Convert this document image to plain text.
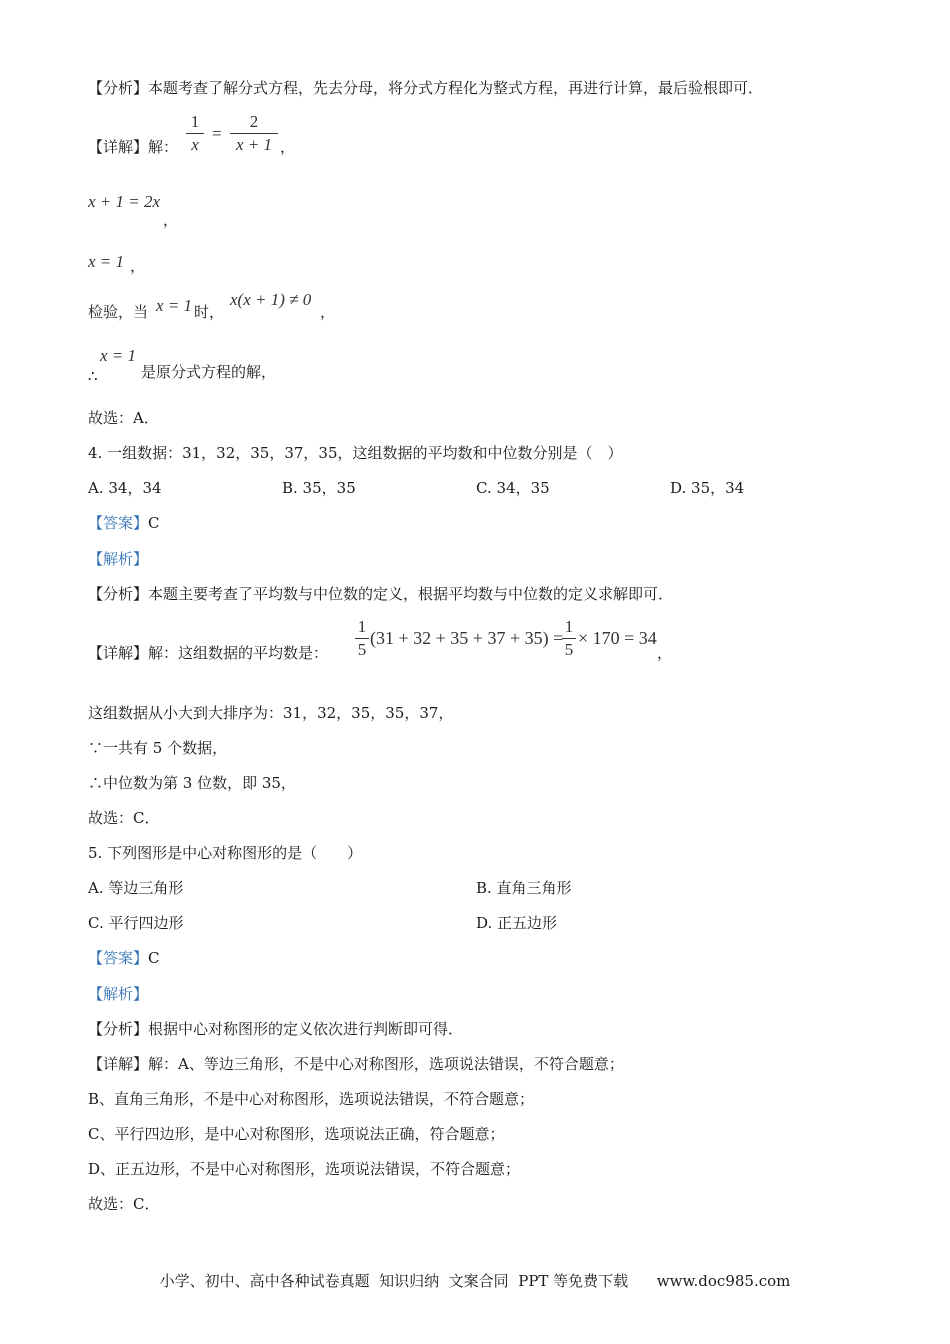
【分析】本题考查了解分式方程，先去分母，将分式方程化为整式方程，再进行计算，最后验根即可．
【详解】解：
1
x
=
2
x + 1 ，
x + 1 = 2x
，
x = 1 ，
检验，当 x = 1 时，
x(x + 1) ≠ 0
，
∴
x = 1
是原分式方程的解，
故选：A．
4. 一组数据：31，32，35，37，35，这组数据的平均数和中位数分别是（　）
A. 34，34	B. 35，35	C. 34，35	D. 35，34
【答案】C
【解析】
【分析】本题主要考查了平均数与中位数的定义，根据平均数与中位数的定义求解即可．
【详解】解：这组数据的平均数是：
1
5
(31 + 32 + 35 + 37 + 35) =
1
5
× 170 = 34
，
这组数据从小大到大排序为：31，32，35，35，37，
∵一共有 5 个数据，
∴中位数为第 3 位数，即 35，
故选：C．
5. 下列图形是中心对称图形的是（　　）
A. 等边三角形	B. 直角三角形
C. 平行四边形	D. 正五边形
【答案】C
【解析】
【分析】根据中心对称图形的定义依次进行判断即可得．
【详解】解：A、等边三角形，不是中心对称图形，选项说法错误，不符合题意；
B、直角三角形，不是中心对称图形，选项说法错误，不符合题意；
C、平行四边形，是中心对称图形，选项说法正确，符合题意；
D、正五边形，不是中心对称图形，选项说法错误，不符合题意；
故选：C．
小学、初中、高中各种试卷真题  知识归纳  文案合同  PPT 等免费下载      www.doc985.com
